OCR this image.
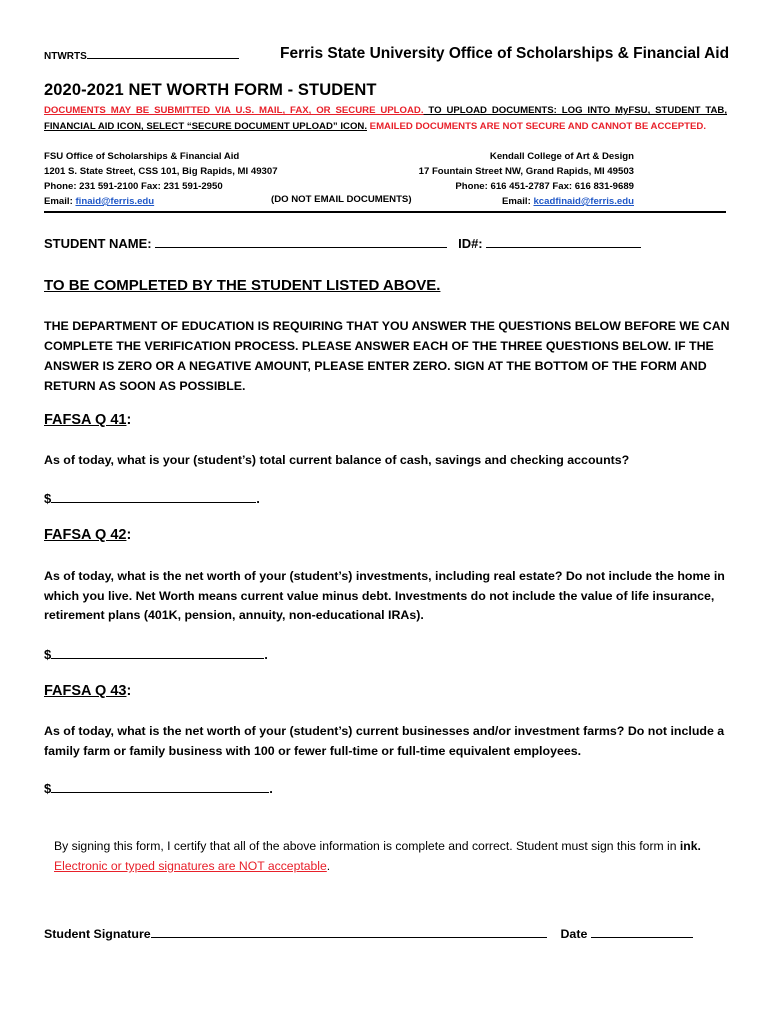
NTWRTS	Ferris State University Office of Scholarships & Financial Aid
2020-2021 NET WORTH FORM - STUDENT
DOCUMENTS MAY BE SUBMITTED VIA U.S. MAIL, FAX, OR SECURE UPLOAD. TO UPLOAD DOCUMENTS: LOG INTO MyFSU, STUDENT TAB, FINANCIAL AID ICON, SELECT “SECURE DOCUMENT UPLOAD” ICON. EMAILED DOCUMENTS ARE NOT SECURE AND CANNOT BE ACCEPTED.
FSU Office of Scholarships & Financial Aid
1201 S. State Street, CSS 101, Big Rapids, MI 49307
Phone: 231 591-2100 Fax: 231 591-2950
Email: finaid@ferris.edu	(DO NOT EMAIL DOCUMENTS)
Kendall College of Art & Design
17 Fountain Street NW, Grand Rapids, MI 49503
Phone: 616 451-2787 Fax: 616 831-9689
Email: kcadfinaid@ferris.edu
STUDENT NAME:	ID#:
TO BE COMPLETED BY THE STUDENT LISTED ABOVE.
THE DEPARTMENT OF EDUCATION IS REQUIRING THAT YOU ANSWER THE QUESTIONS BELOW BEFORE WE CAN COMPLETE THE VERIFICATION PROCESS. PLEASE ANSWER EACH OF THE THREE QUESTIONS BELOW. IF THE ANSWER IS ZERO OR A NEGATIVE AMOUNT, PLEASE ENTER ZERO. SIGN AT THE BOTTOM OF THE FORM AND RETURN AS SOON AS POSSIBLE.
FAFSA Q 41:
As of today, what is your (student’s) total current balance of cash, savings and checking accounts?
$	.
FAFSA Q 42:
As of today, what is the net worth of your (student’s) investments, including real estate? Do not include the home in which you live. Net Worth means current value minus debt. Investments do not include the value of life insurance, retirement plans (401K, pension, annuity, non-educational IRAs).
$	.
FAFSA Q 43:
As of today, what is the net worth of your (student’s) current businesses and/or investment farms? Do not include a family farm or family business with 100 or fewer full-time or full-time equivalent employees.
$	.
By signing this form, I certify that all of the above information is complete and correct. Student must sign this form in ink. Electronic or typed signatures are NOT acceptable.
Student Signature	Date
